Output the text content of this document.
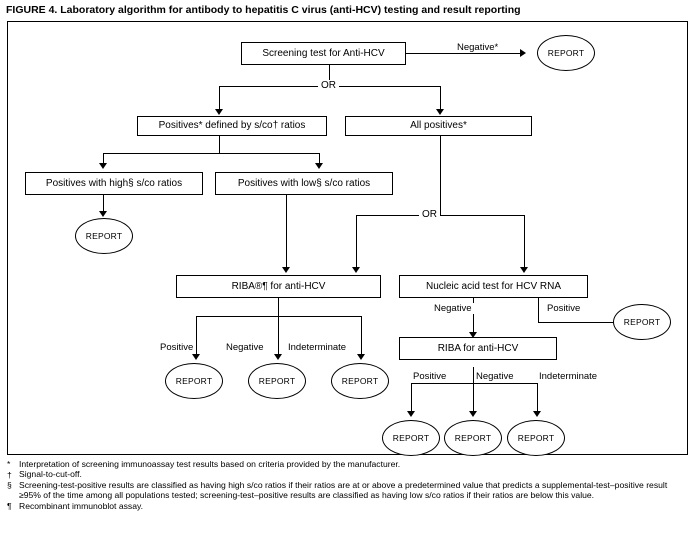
FIGURE 4. Laboratory algorithm for antibody to hepatitis C virus (anti-HCV) testing and result reporting
Screening test for Anti-HCV	REPORT
Negative*
OR
Positives* defined by s/co† ratios	All positives*
Positives with high§ s/co ratios	Positives with low§ s/co ratios
REPORT
OR
RIBA®¶ for anti-HCV	Nucleic acid test for HCV RNA
Positive	Negative	Indeterminate
REPORT	REPORT	REPORT
Negative	Positive
REPORT
RIBA for anti-HCV
Positive	Negative	Indeterminate
REPORT	REPORT	REPORT
*	Interpretation of screening immunoassay test results based on criteria provided by the manufacturer.
† Signal-to-cut-off.
§ Screening-test-positive results are classified as having high s/co ratios if their ratios are at or above a predetermined value that predicts a supplemental-test–positive result ≥95% of the time among all populations tested; screening-test–positive results are classified as having low s/co ratios if their ratios are below this value.
¶ Recombinant immunoblot assay.
